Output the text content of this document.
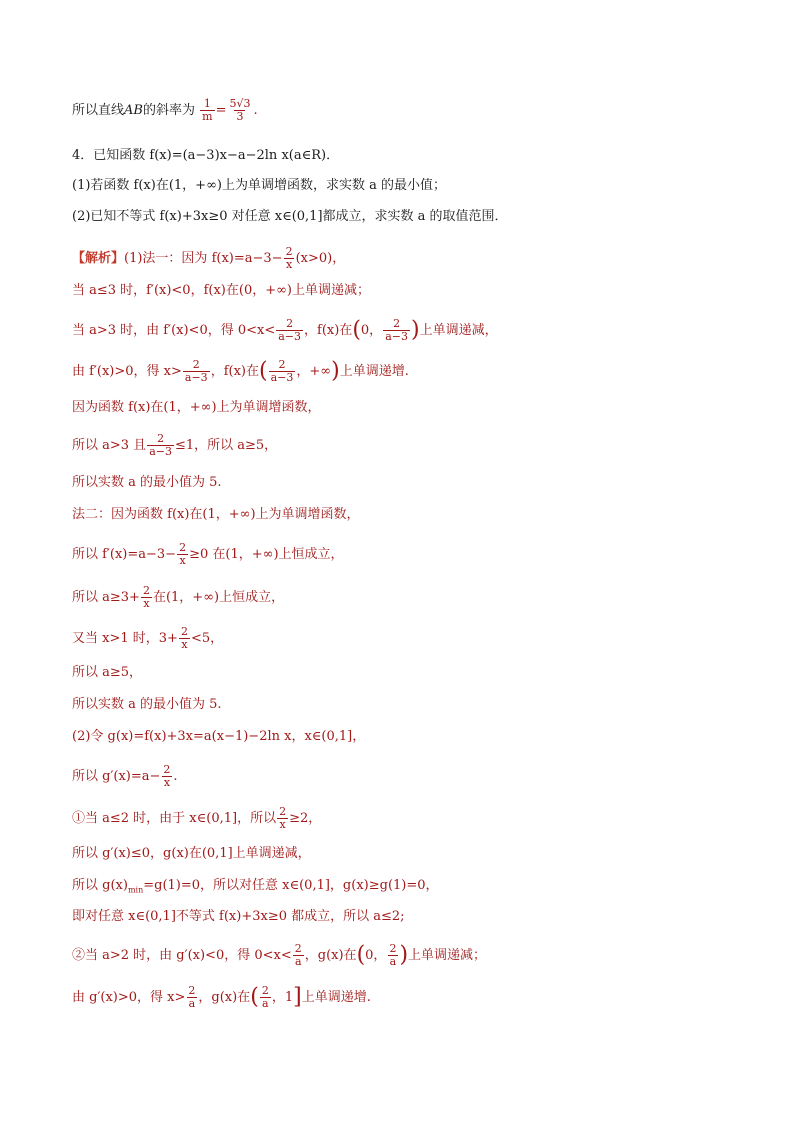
所以直线AB的斜率为 $\frac{1}{m} = \frac{5√3}{3}$ .
4．已知函数 f(x)=(a−3)x−a−2ln x(a∈R)．
(1)若函数 f(x)在(1，+∞)上为单调增函数，求实数 a 的最小值；
(2)已知不等式 f(x)+3x≥0 对任意 x∈(0,1]都成立，求实数 a 的取值范围．
【解析】(1)法一：因为 $f(x)=a-3- \frac{2}{x} (x>0)$，
当 a≤3 时，f′(x)<0，f(x)在(0，+∞)上单调递减；
当 a>3 时，由 f′(x)<0，得 $0<x< \frac{2}{a-3}$ ，f(x)在(0， $\frac{2}{a-3}$ )上单调递减，
由 f′(x)>0，得 $x> \frac{2}{a-3}$ ，f(x)在( $\frac{2}{a-3}$ ，+∞)上单调递增.
因为函数 f(x)在(1，+∞)上为单调增函数，
所以 a>3 且 $\frac{2}{a-3} \le 1$，所以 a≥5，
所以实数 a 的最小值为 5.
法二：因为函数 f(x)在(1，+∞)上为单调增函数，
所以 $f'(x)=a-3- \frac{2}{x} \ge 0$ 在(1，+∞)上恒成立，
所以 $a\ge 3+ \frac{2}{x}$ 在(1，+∞)上恒成立，
又当 x>1 时，$3+ \frac{2}{x} <5$，
所以 a≥5，
所以实数 a 的最小值为 5.
(2)令 g(x)=f(x)+3x=a(x−1)−2ln x，x∈(0,1]，
所以 $g'(x)=a- \frac{2}{x}$ .
①当 a≤2 时，由于 x∈(0,1]，所以 $\frac{2}{x} \ge 2$，
所以 g′(x)≤0，g(x)在(0,1]上单调递减，
所以 $g(x)_{min}=g(1)=0$，所以对任意 x∈(0,1]，g(x)≥g(1)=0，
即对任意 x∈(0,1]不等式 f(x)+3x≥0 都成立，所以 a≤2;
②当 a>2 时，由 g′(x)<0，得 $0<x< \frac{2}{a}$ ，g(x)在(0， $\frac{2}{a}$ )上单调递减；
由 g′(x)>0，得 $x> \frac{2}{a}$ ，g(x)在( $\frac{2}{a}$ ，1]上单调递增.
